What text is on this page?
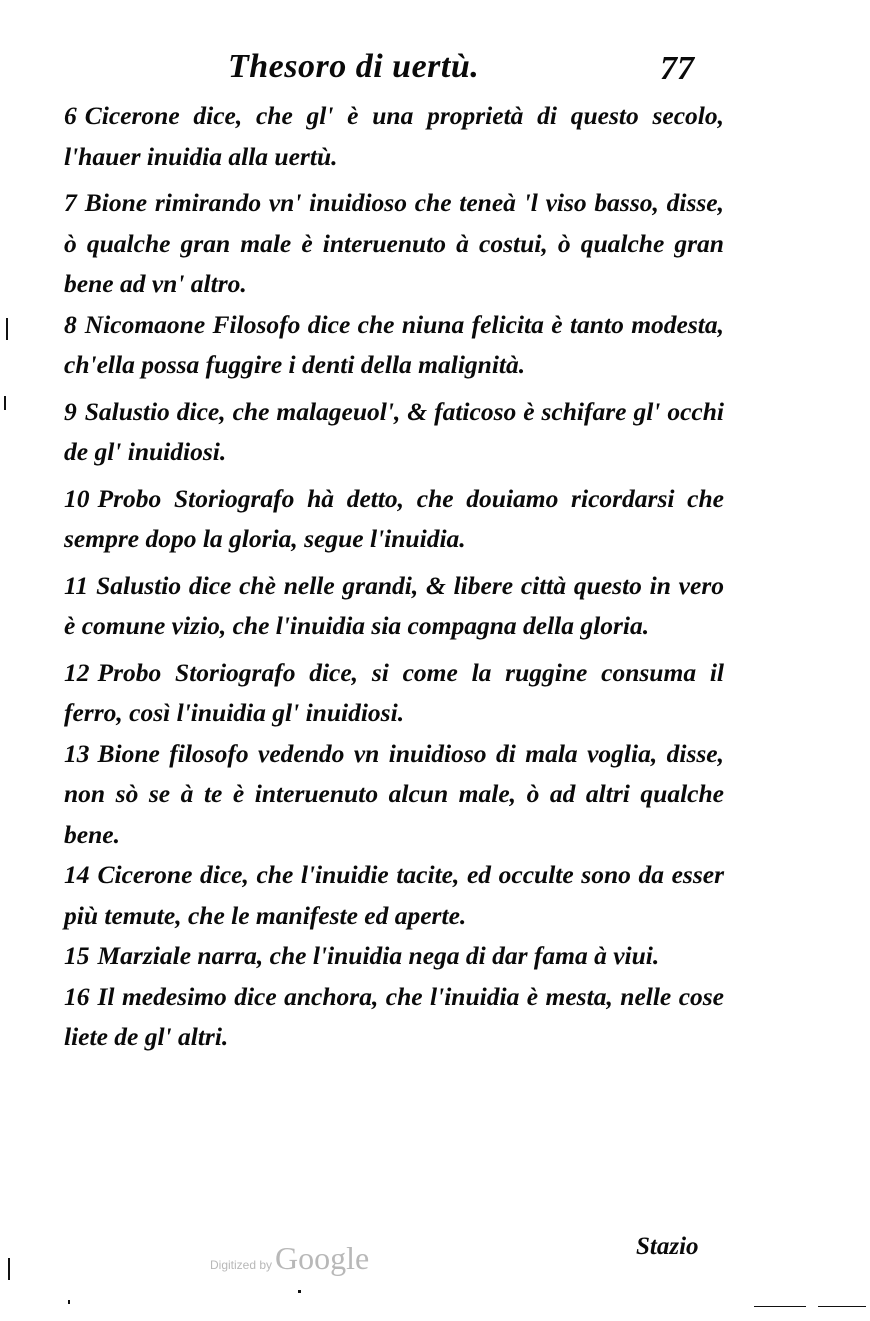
Thesoro di uertù.	77

6 Cicerone dice, che gl' è una proprietà di questo secolo, l'hauer inuidia alla uertù.

7 Bione rimirando vn' inuidioso che teneà 'l viso basso, disse, ò qualche gran male è interuenuto à costui, ò qualche gran bene ad vn' altro.

8 Nicomaone Filosofo dice che niuna felicita è tanto modesta, ch'ella possa fuggire i denti della malignità.

9 Salustio dice, che malageuol', & faticoso è schifare gl' occhi de gl' inuidiosi.

10 Probo Storiografo hà detto, che douiamo ricordarsi che sempre dopo la gloria, segue l'inuidia.

11 Salustio dice chè nelle grandi, & libere città questo in vero è comune vizio, che l'inuidia sia compagna della gloria.

12 Probo Storiografo dice, si come la ruggine consuma il ferro, così l'inuidia gl' inuidiosi.

13 Bione filosofo vedendo vn inuidioso di mala voglia, disse, non sò se à te è interuenuto alcun male, ò ad altri qualche bene.

14 Cicerone dice, che l'inuidie tacite, ed occulte sono da esser più temute, che le manifeste ed aperte.

15 Marziale narra, che l'inuidia nega di dar fama à viui.

16 Il medesimo dice anchora, che l'inuidia è mesta, nelle cose liete de gl' altri.

Stazio
Digitized by Google
